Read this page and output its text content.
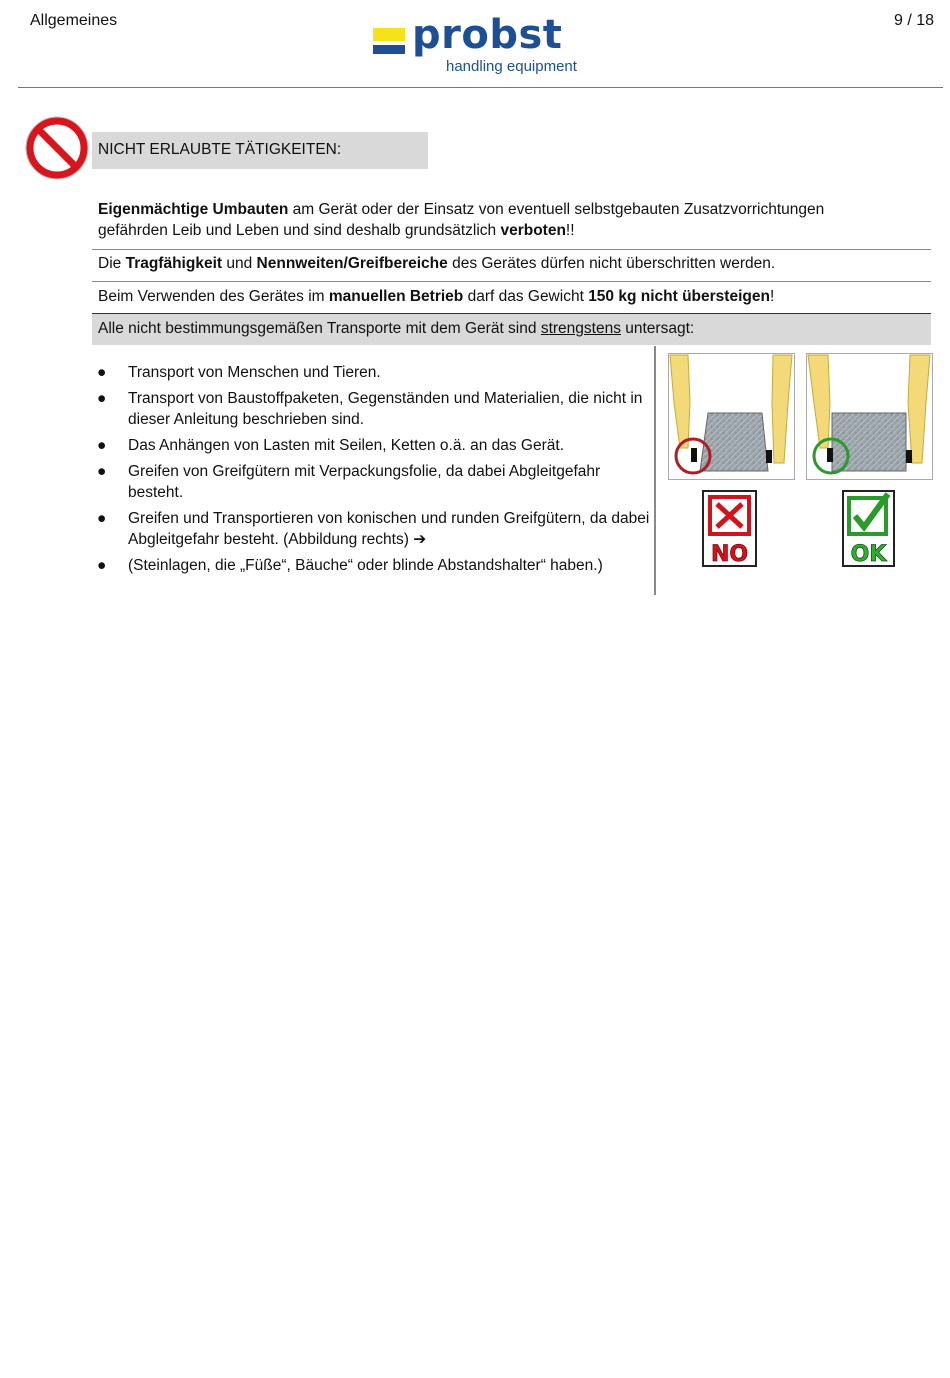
Allgemeines	probst
handling equipment
9 / 18
NICHT ERLAUBTE TÄTIGKEITEN:
Eigenmächtige Umbauten am Gerät oder der Einsatz von eventuell selbstgebauten Zusatzvorrichtungen gefährden Leib und Leben und sind deshalb grundsätzlich verboten!!
Die Tragfähigkeit und Nennweiten/Greifbereiche des Gerätes dürfen nicht überschritten werden.
Beim Verwenden des Gerätes im manuellen Betrieb darf das Gewicht 150 kg nicht übersteigen!
Alle nicht bestimmungsgemäßen Transporte mit dem Gerät sind strengstens untersagt:
● Transport von Menschen und Tieren.
● Transport von Baustoffpaketen, Gegenständen und Materialien, die nicht in dieser Anleitung beschrieben sind.
● Das Anhängen von Lasten mit Seilen, Ketten o.ä. an das Gerät.
● Greifen von Greifgütern mit Verpackungsfolie, da dabei Abgleitgefahr besteht.
● Greifen und Transportieren von konischen und runden Greifgütern, da dabei Abgleitgefahr besteht. (Abbildung rechts) ➔
● (Steinlagen, die „Füße“, Bäuche“ oder blinde Abstandshalter“ haben.)	NO	OK
